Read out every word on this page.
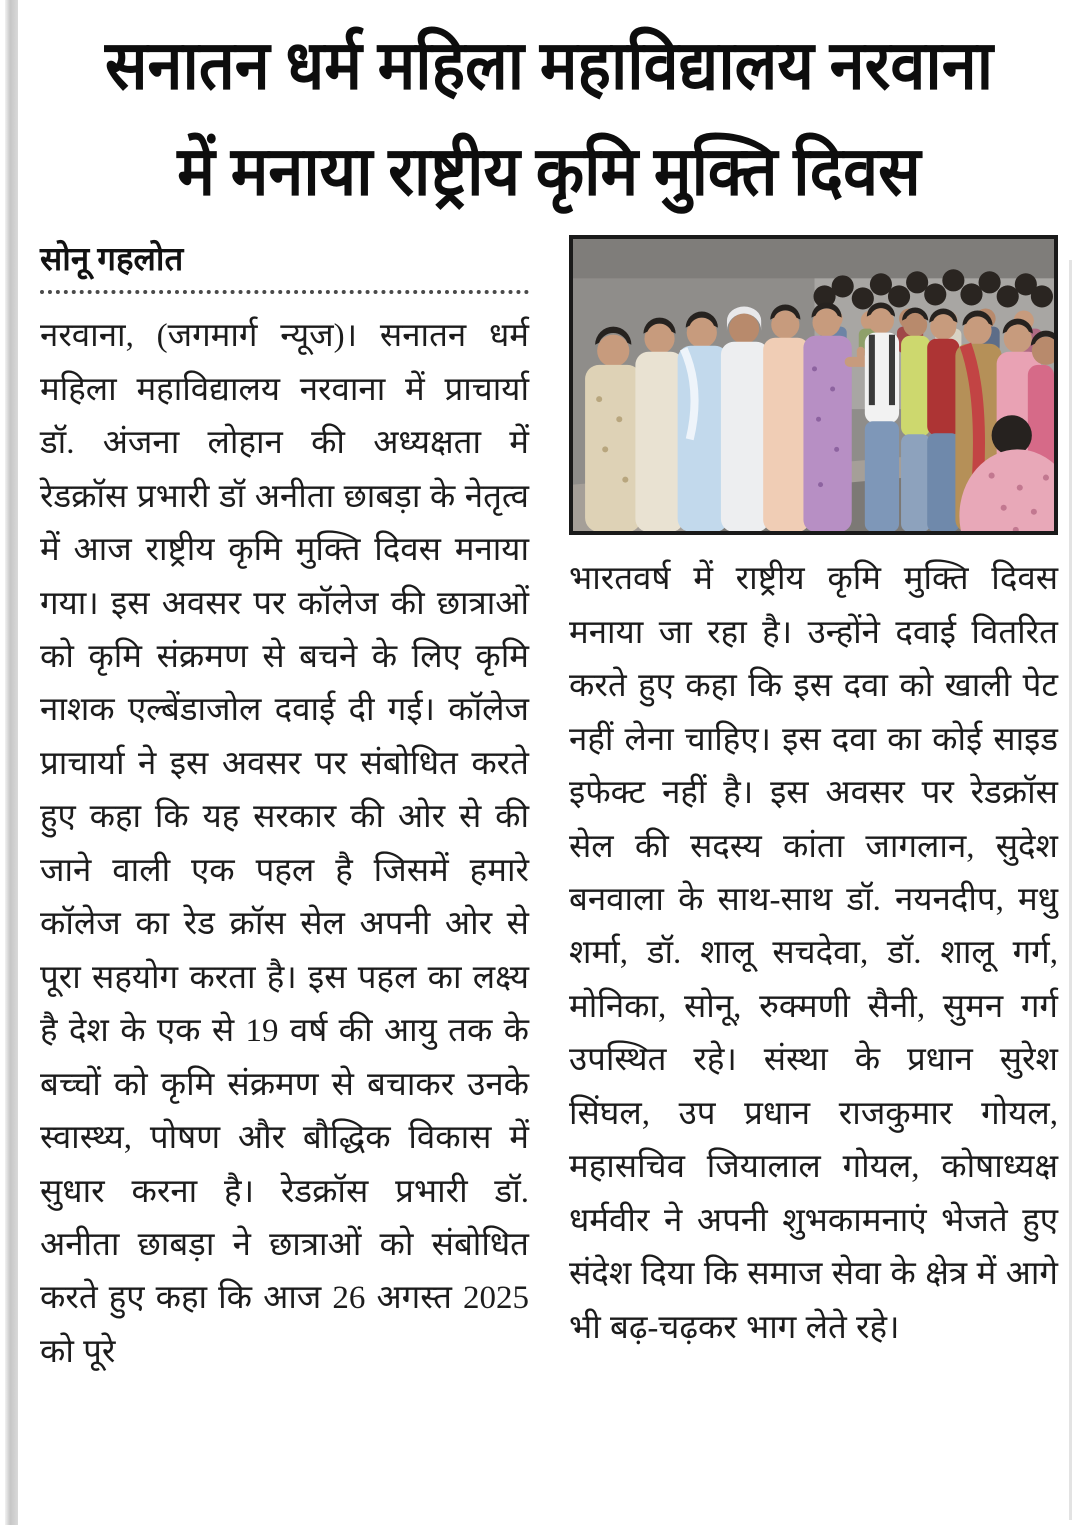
सनातन धर्म महिला महाविद्यालय नरवाना
में मनाया राष्ट्रीय कृमि मुक्ति दिवस
सोनू गहलोत
नरवाना, (जगमार्ग न्यूज)। सनातन धर्म महिला महाविद्यालय नरवाना में प्राचार्या डॉ. अंजना लोहान की अध्यक्षता में रेडक्रॉस प्रभारी डॉ अनीता छाबड़ा के नेतृत्व में आज राष्ट्रीय कृमि मुक्ति दिवस मनाया गया। इस अवसर पर कॉलेज की छात्राओं को कृमि संक्रमण से बचने के लिए कृमि नाशक एल्बेंडाजोल दवाई दी गई। कॉलेज प्राचार्या ने इस अवसर पर संबोधित करते हुए कहा कि यह सरकार की ओर से की जाने वाली एक पहल है जिसमें हमारे कॉलेज का रेड क्रॉस सेल अपनी ओर से पूरा सहयोग करता है। इस पहल का लक्ष्य है देश के एक से 19 वर्ष की आयु तक के बच्चों को कृमि संक्रमण से बचाकर उनके स्वास्थ्य, पोषण और बौद्धिक विकास में सुधार करना है। रेडक्रॉस प्रभारी डॉ. अनीता छाबड़ा ने छात्राओं को संबोधित करते हुए कहा कि आज 26 अगस्त 2025 को पूरे
भारतवर्ष में राष्ट्रीय कृमि मुक्ति दिवस मनाया जा रहा है। उन्होंने दवाई वितरित करते हुए कहा कि इस दवा को खाली पेट नहीं लेना चाहिए। इस दवा का कोई साइड इफेक्ट नहीं है। इस अवसर पर रेडक्रॉस सेल की सदस्य कांता जागलान, सुदेश बनवाला के साथ-साथ डॉ. नयनदीप, मधु शर्मा, डॉ. शालू सचदेवा, डॉ. शालू गर्ग, मोनिका, सोनू, रुक्मणी सैनी, सुमन गर्ग उपस्थित रहे। संस्था के प्रधान सुरेश सिंघल, उप प्रधान राजकुमार गोयल, महासचिव जियालाल गोयल, कोषाध्यक्ष धर्मवीर ने अपनी शुभकामनाएं भेजते हुए संदेश दिया कि समाज सेवा के क्षेत्र में आगे भी बढ़-चढ़कर भाग लेते रहे।
